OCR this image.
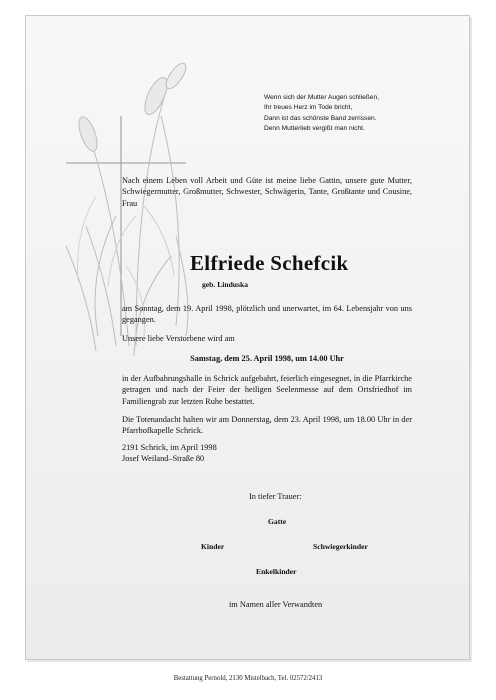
Wenn sich der Mutter Augen schließen,
Ihr treues Herz im Tode bricht,
Dann ist das schönste Band zerrissen.
Denn Mutterlieb vergißt man nicht.
Nach einem Leben voll Arbeit und Güte ist meine liebe Gattin, unsere gute Mutter, Schwiegermutter, Großmutter, Schwester, Schwägerin, Tante, Großtante und Cousine, Frau
Elfriede Schefcik
geb. Linduska
am Sonntag, dem 19. April 1998, plötzlich und unerwartet, im 64. Lebensjahr von uns gegangen.
Unsere liebe Verstorbene wird am
Samstag, dem 25. April 1998, um 14.00 Uhr
in der Aufbahrungshalle in Schrick aufgebahrt, feierlich eingesegnet, in die Pfarrkirche getragen und nach der Feier der heiligen Seelenmesse auf dem Ortsfriedhof im Familiengrab zur letzten Ruhe bestattet.
Die Totenandacht halten wir am Donnerstag, dem 23. April 1998, um 18.00 Uhr in der Pfarrhofkapelle Schrick.
2191 Schrick, im April 1998
Josef Weiland–Straße 80
In tiefer Trauer:
Gatte
Kinder	Schwiegerkinder
Enkelkinder
im Namen aller Verwandten
Bestattung Pernold, 2130 Mistelbach, Tel. 02572/2413
